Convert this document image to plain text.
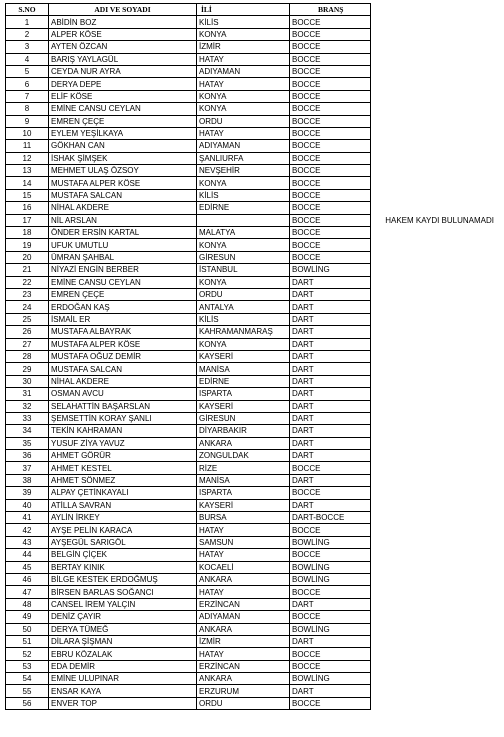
S.NO	ADI VE SOYADI	İLİ	BRANŞ	
1	ABİDİN BOZ	KİLİS	BOCCE	
2	ALPER KÖSE	KONYA	BOCCE	
3	AYTEN ÖZCAN	İZMİR	BOCCE	
4	BARIŞ YAYLAGÜL	HATAY	BOCCE	
5	CEYDA NUR AYRA	ADIYAMAN	BOCCE	
6	DERYA DEPE	HATAY	BOCCE	
7	ELİF KÖSE	KONYA	BOCCE	
8	EMİNE CANSU CEYLAN	KONYA	BOCCE	
9	EMREN ÇEÇE	ORDU	BOCCE	
10	EYLEM YEŞİLKAYA	HATAY	BOCCE	
11	GÖKHAN CAN	ADIYAMAN	BOCCE	
12	İSHAK ŞİMŞEK	ŞANLIURFA	BOCCE	
13	MEHMET ULAŞ ÖZSOY	NEVŞEHİR	BOCCE	
14	MUSTAFA ALPER KÖSE	KONYA	BOCCE	
15	MUSTAFA SALCAN	KİLİS	BOCCE	
16	NİHAL AKDERE	EDİRNE	BOCCE	
17	NİL ARSLAN		BOCCE	HAKEM KAYDI BULUNAMADI
18	ÖNDER ERSİN KARTAL	MALATYA	BOCCE	
19	UFUK UMUTLU	KONYA	BOCCE	
20	ÜMRAN ŞAHBAL	GİRESUN	BOCCE	
21	NİYAZİ ENGİN BERBER	İSTANBUL	BOWLİNG	
22	EMİNE CANSU CEYLAN	KONYA	DART	
23	EMREN ÇEÇE	ORDU	DART	
24	ERDOĞAN KAŞ	ANTALYA	DART	
25	İSMAİL ER	KİLİS	DART	
26	MUSTAFA ALBAYRAK	KAHRAMANMARAŞ	DART	
27	MUSTAFA ALPER KÖSE	KONYA	DART	
28	MUSTAFA OĞUZ DEMİR	KAYSERİ	DART	
29	MUSTAFA SALCAN	MANİSA	DART	
30	NİHAL AKDERE	EDİRNE	DART	
31	OSMAN AVCU	ISPARTA	DART	
32	SELAHATTİN BAŞARSLAN	KAYSERİ	DART	
33	ŞEMSETTİN KORAY ŞANLI	GİRESUN	DART	
34	TEKİN KAHRAMAN	DİYARBAKIR	DART	
35	YUSUF ZİYA YAVUZ	ANKARA	DART	
36	AHMET GÖRÜR	ZONGULDAK	DART	
37	AHMET KESTEL	RİZE	BOCCE	
38	AHMET SÖNMEZ	MANİSA	DART	
39	ALPAY ÇETİNKAYALI	ISPARTA	BOCCE	
40	ATİLLA SAVRAN	KAYSERİ	DART	
41	AYLİN İRKEY	BURSA	DART-BOCCE	
42	AYŞE PELİN KARACA	HATAY	BOCCE	
43	AYŞEGÜL SARIGÖL	SAMSUN	BOWLİNG	
44	BELGİN ÇİÇEK	HATAY	BOCCE	
45	BERTAY KINIK	KOCAELİ	BOWLİNG	
46	BİLGE KESTEK ERDOĞMUŞ	ANKARA	BOWLİNG	
47	BİRSEN BARLAS SOĞANCI	HATAY	BOCCE	
48	CANSEL İREM YALÇIN	ERZİNCAN	DART	
49	DENİZ ÇAYIR	ADIYAMAN	BOCCE	
50	DERYA TÜMEĞ	ANKARA	BOWLİNG	
51	DİLARA ŞİŞMAN	İZMİR	DART	
52	EBRU KÖZALAK	HATAY	BOCCE	
53	EDA DEMİR	ERZİNCAN	BOCCE	
54	EMİNE ULUPINAR	ANKARA	BOWLİNG	
55	ENSAR KAYA	ERZURUM	DART	
56	ENVER TOP	ORDU	BOCCE	
